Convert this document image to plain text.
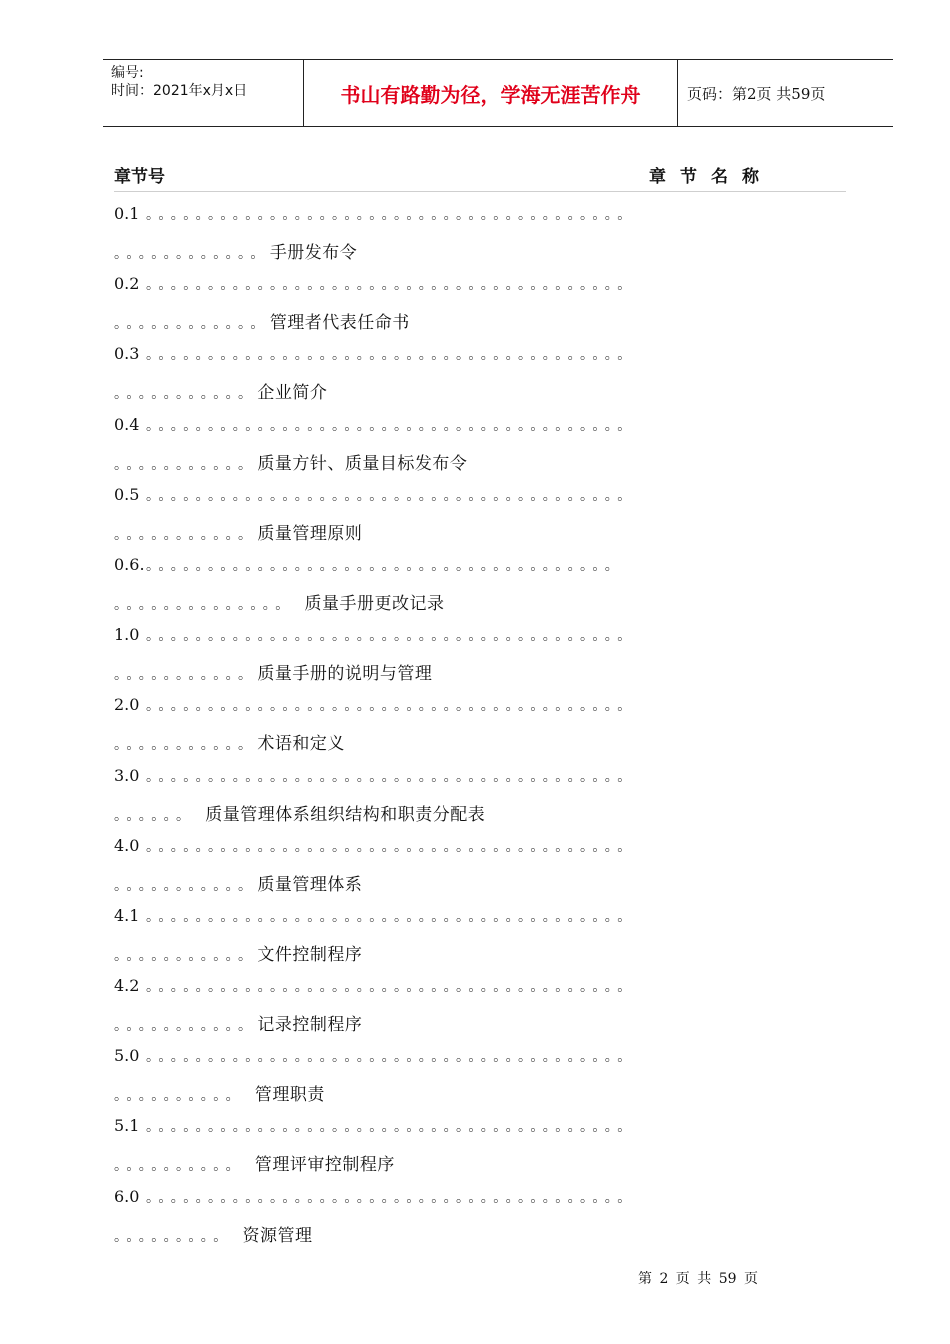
编号:
时间：2021年x月x日	书山有路勤为径，学海无涯苦作舟	页码：第2页 共59页
章节号	章节名称
0.1 。。。。。。。。。。。。。。。。。。。。。。。。。。。。。。。。。。。。。。。
。。。。。。。。。。。。手册发布令
0.2 。。。。。。。。。。。。。。。。。。。。。。。。。。。。。。。。。。。。。。。
。。。。。。。。。。。。管理者代表任命书
0.3 。。。。。。。。。。。。。。。。。。。。。。。。。。。。。。。。。。。。。。。
。。。。。。。。。。。企业简介
0.4 。。。。。。。。。。。。。。。。。。。。。。。。。。。。。。。。。。。。。。。
。。。。。。。。。。。质量方针、质量目标发布令
0.5 。。。。。。。。。。。。。。。。。。。。。。。。。。。。。。。。。。。。。。。
。。。。。。。。。。。质量管理原则
0.6.。。。。。。。。。。。。。。。。。。。。。。。。。。。。。。。。。。。。。。
。。。。。。。。。。。。。。 质量手册更改记录
1.0 。。。。。。。。。。。。。。。。。。。。。。。。。。。。。。。。。。。。。。。
。。。。。。。。。。。质量手册的说明与管理
2.0 。。。。。。。。。。。。。。。。。。。。。。。。。。。。。。。。。。。。。。。
。。。。。。。。。。。术语和定义
3.0 。。。。。。。。。。。。。。。。。。。。。。。。。。。。。。。。。。。。。。。
。。。。。。 质量管理体系组织结构和职责分配表
4.0 。。。。。。。。。。。。。。。。。。。。。。。。。。。。。。。。。。。。。。。
。。。。。。。。。。。质量管理体系
4.1 。。。。。。。。。。。。。。。。。。。。。。。。。。。。。。。。。。。。。。。
。。。。。。。。。。。文件控制程序
4.2 。。。。。。。。。。。。。。。。。。。。。。。。。。。。。。。。。。。。。。。
。。。。。。。。。。。记录控制程序
5.0 。。。。。。。。。。。。。。。。。。。。。。。。。。。。。。。。。。。。。。。
。。。。。。。。。。 管理职责
5.1 。。。。。。。。。。。。。。。。。。。。。。。。。。。。。。。。。。。。。。。
。。。。。。。。。。 管理评审控制程序
6.0 。。。。。。。。。。。。。。。。。。。。。。。。。。。。。。。。。。。。。。。
。。。。。。。。。 资源管理
第 2 页 共 59 页
